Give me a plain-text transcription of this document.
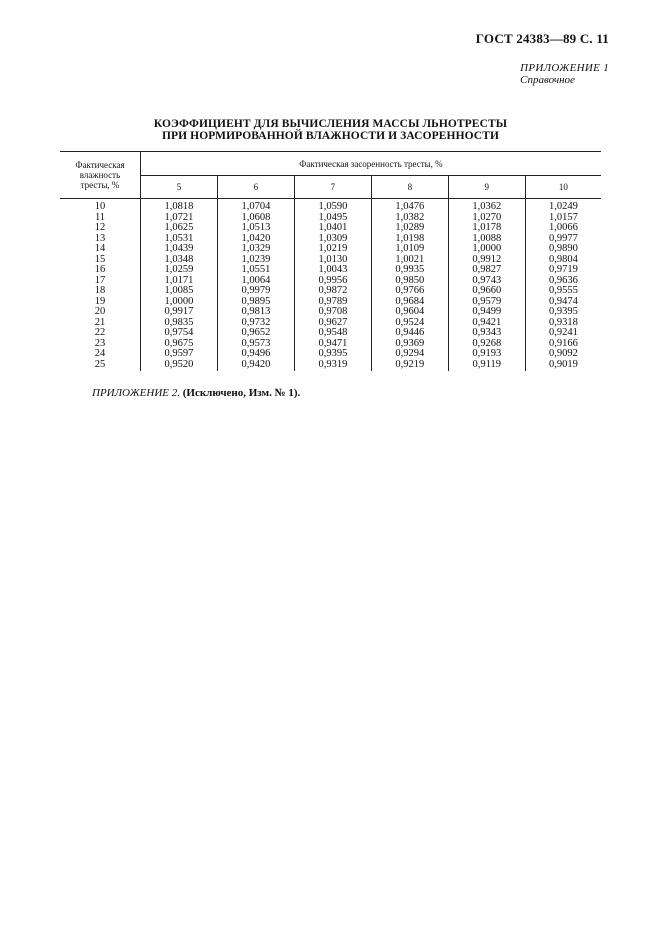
ГОСТ 24383—89 С. 11
ПРИЛОЖЕНИЕ 1
Справочное
КОЭФФИЦИЕНТ ДЛЯ ВЫЧИСЛЕНИЯ МАССЫ ЛЬНОТРЕСТЫ
ПРИ НОРМИРОВАННОЙ ВЛАЖНОСТИ И ЗАСОРЕННОСТИ
Фактическая
влажность
тресты, %	Фактическая засоренность тресты, %					
	5	6	7	8	9	10
10	1,0818	1,0704	1,0590	1,0476	1,0362	1,0249
11	1,0721	1,0608	1,0495	1,0382	1,0270	1,0157
12	1,0625	1,0513	1,0401	1,0289	1,0178	1,0066
13	1,0531	1,0420	1,0309	1,0198	1,0088	0,9977
14	1,0439	1,0329	1,0219	1,0109	1,0000	0,9890
15	1,0348	1,0239	1,0130	1,0021	0,9912	0,9804
16	1,0259	1,0551	1,0043	0,9935	0,9827	0,9719
17	1,0171	1,0064	0,9956	0,9850	0,9743	0,9636
18	1,0085	0,9979	0,9872	0,9766	0,9660	0,9555
19	1,0000	0,9895	0,9789	0,9684	0,9579	0,9474
20	0,9917	0,9813	0,9708	0,9604	0,9499	0,9395
21	0,9835	0,9732	0,9627	0,9524	0,9421	0,9318
22	0,9754	0,9652	0,9548	0,9446	0,9343	0,9241
23	0,9675	0,9573	0,9471	0,9369	0,9268	0,9166
24	0,9597	0,9496	0,9395	0,9294	0,9193	0,9092
25	0,9520	0,9420	0,9319	0,9219	0,9119	0,9019
ПРИЛОЖЕНИЕ 2. (Исключено, Изм. № 1).
